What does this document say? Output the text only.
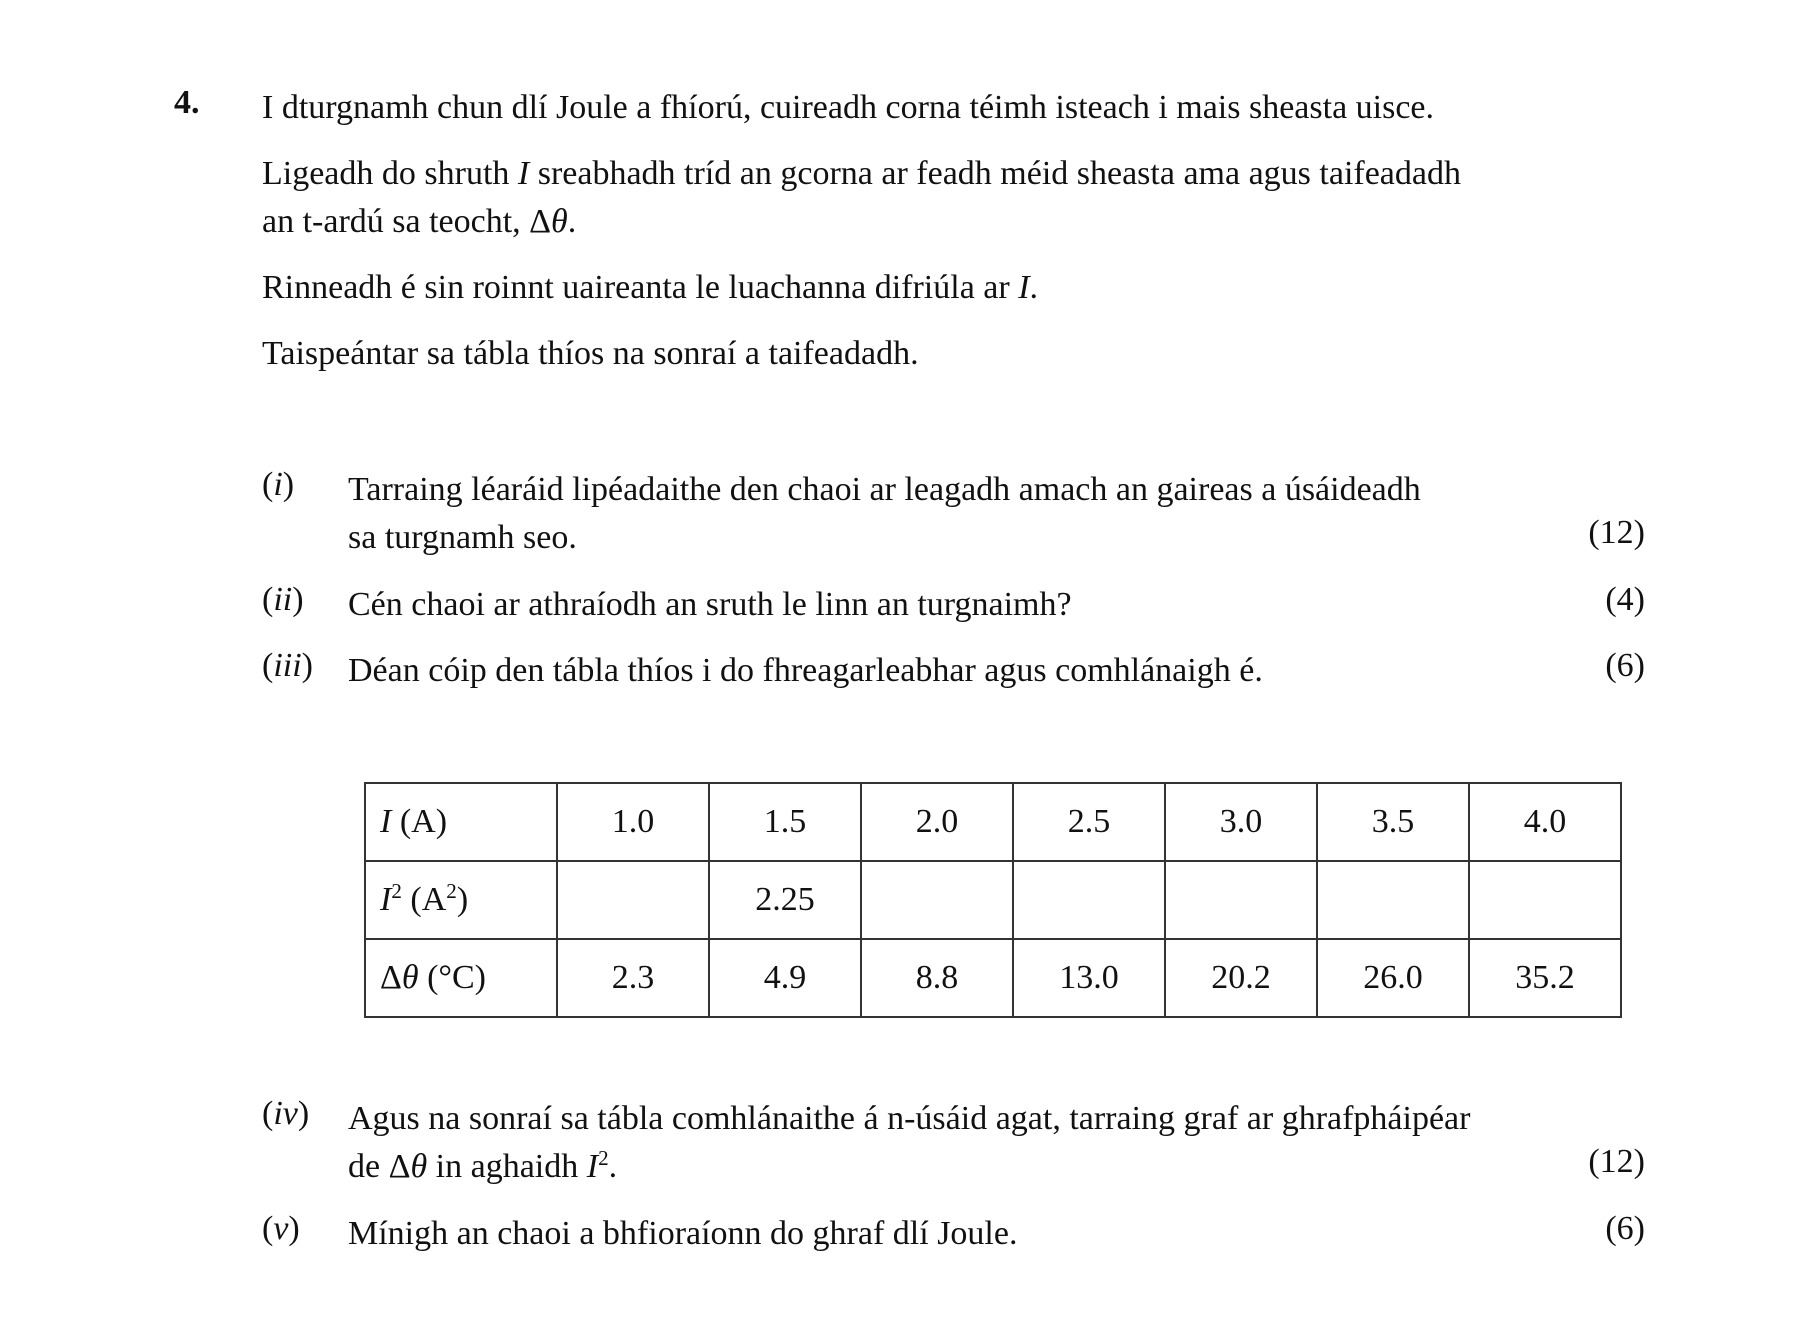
4. I dturgnamh chun dlí Joule a fhíorú, cuireadh corna téimh isteach i mais sheasta uisce.
Ligeadh do shruth I sreabhadh tríd an gcorna ar feadh méid sheasta ama agus taifeadadh
an t-ardú sa teocht, Δθ.
Rinneadh é sin roinnt uaireanta le luachanna difriúla ar I.
Taispeántar sa tábla thíos na sonraí a taifeadadh.
(i) Tarraing léaráid lipéadaithe den chaoi ar leagadh amach an gaireas a úsáideadh
sa turgnamh seo.	(12)
(ii) Cén chaoi ar athraíodh an sruth le linn an turgnaimh?	(4)
(iii) Déan cóip den tábla thíos i do fhreagarleabhar agus comhlánaigh é.	(6)
I (A)	1.0	1.5	2.0	2.5	3.0	3.5	4.0
$I^2$ $(A^2)$		2.25					
Δθ (°C)	2.3	4.9	8.8	13.0	20.2	26.0	35.2
(iv) Agus na sonraí sa tábla comhlánaithe á n-úsáid agat, tarraing graf ar ghrafpháipéar
de Δθ in aghaidh $I^2$.	(12)
(v) Mínigh an chaoi a bhfioraíonn do ghraf dlí Joule.	(6)
